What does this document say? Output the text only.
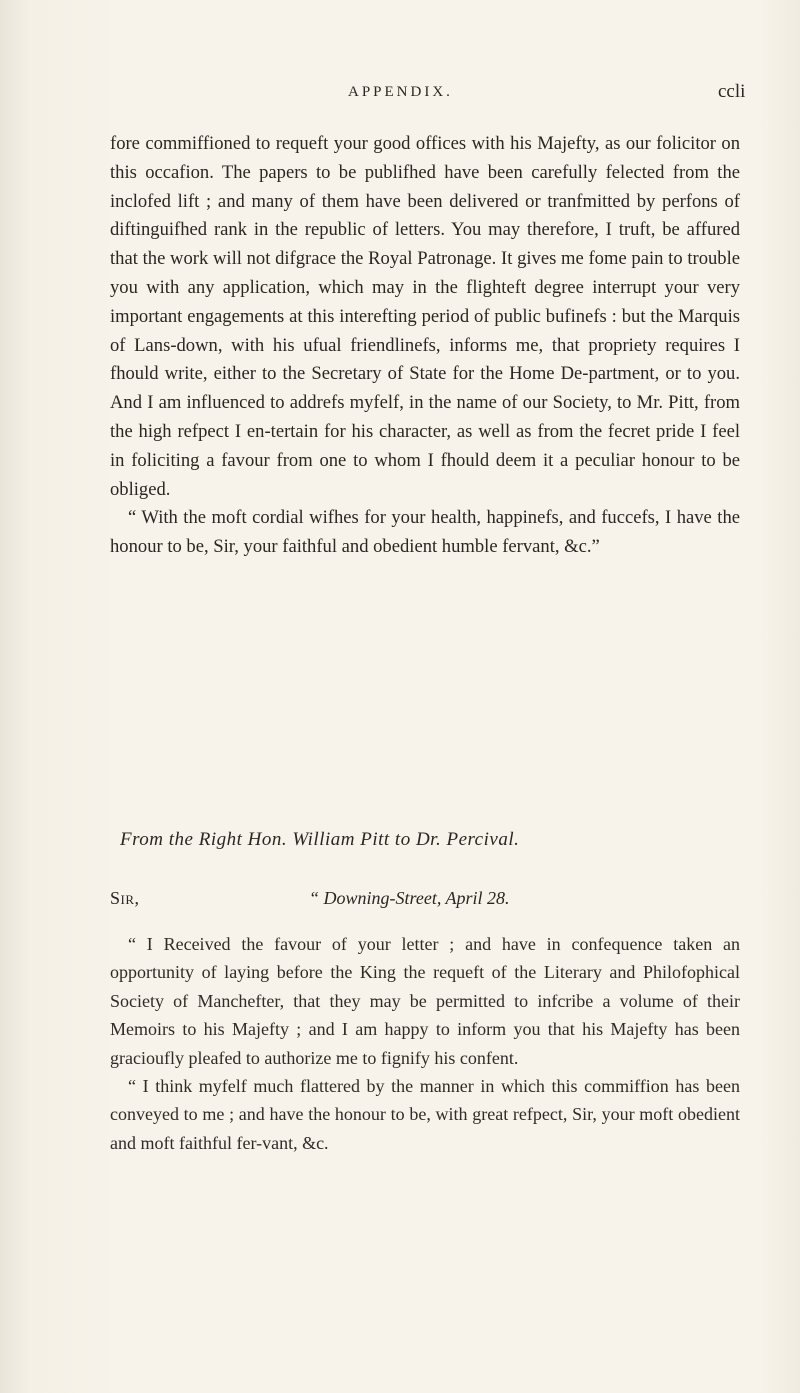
APPENDIX.	ccli

fore commiffioned to requeft your good offices with his Majefty, as our folicitor on this occafion. The papers to be publifhed have been carefully felected from the inclofed lift ; and many of them have been delivered or tranfmitted by perfons of diftinguifhed rank in the republic of letters. You may therefore, I truft, be affured that the work will not difgrace the Royal Patronage. It gives me fome pain to trouble you with any application, which may in the flighteft degree interrupt your very important engagements at this interefting period of public bufinefs : but the Marquis of Lans-down, with his ufual friendlinefs, informs me, that propriety requires I fhould write, either to the Secretary of State for the Home De-partment, or to you. And I am influenced to addrefs myfelf, in the name of our Society, to Mr. Pitt, from the high refpect I en-tertain for his character, as well as from the fecret pride I feel in foliciting a favour from one to whom I fhould deem it a peculiar honour to be obliged.

“ With the moft cordial wifhes for your health, happinefs, and fuccefs, I have the honour to be, Sir, your faithful and obedient humble fervant, &c.”

From the Right Hon. William Pitt to Dr. Percival.
Sir,	“ Downing-Street, April 28.

“ I Received the favour of your letter ; and have in confequence taken an opportunity of laying before the King the requeft of the Literary and Philofophical Society of Manchefter, that they may be permitted to infcribe a volume of their Memoirs to his Majefty ; and I am happy to inform you that his Majefty has been gracioufly pleafed to authorize me to fignify his confent.

“ I think myfelf much flattered by the manner in which this commiffion has been conveyed to me ; and have the honour to be, with great refpect, Sir, your moft obedient and moft faithful fer-vant, &c.
